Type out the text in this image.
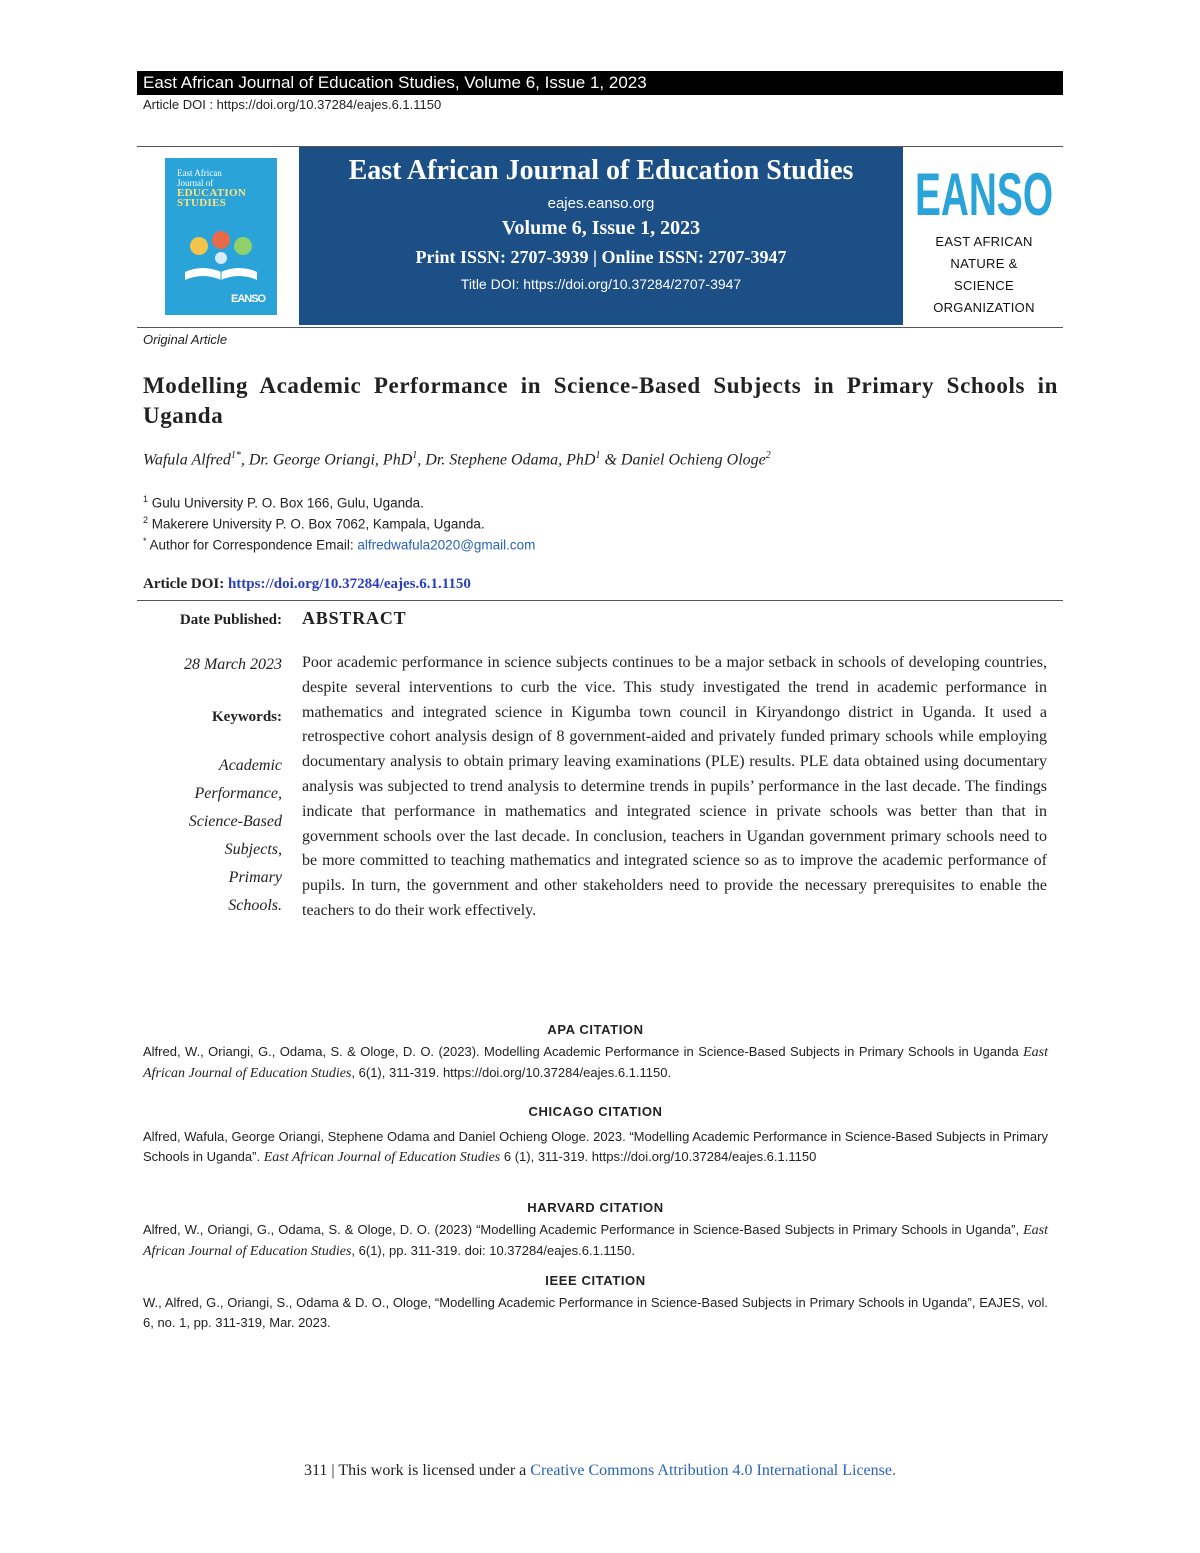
East African Journal of Education Studies, Volume 6, Issue 1, 2023
Article DOI : https://doi.org/10.37284/eajes.6.1.1150
East African
Journal of
EDUCATION
STUDIES
EANSO
East African Journal of Education Studies
eajes.eanso.org
Volume 6, Issue 1, 2023
Print ISSN: 2707-3939 | Online ISSN: 2707-3947
Title DOI: https://doi.org/10.37284/2707-3947
EANSO
EAST AFRICAN
NATURE &
SCIENCE
ORGANIZATION
Original Article
Modelling Academic Performance in Science-Based Subjects in Primary Schools in Uganda
Wafula Alfred$^{1*}$, Dr. George Oriangi, PhD$^1$, Dr. Stephene Odama, PhD$^1$ & Daniel Ochieng Ologe$^2$
$^1$ Gulu University P. O. Box 166, Gulu, Uganda.
$^2$ Makerere University P. O. Box 7062, Kampala, Uganda.
* Author for Correspondence Email: alfredwafula2020@gmail.com
Article DOI: https://doi.org/10.37284/eajes.6.1.1150
Date Published:
28 March 2023
Keywords:
Academic
Performance,
Science-Based
Subjects,
Primary
Schools.
ABSTRACT
Poor academic performance in science subjects continues to be a major setback in schools of developing countries, despite several interventions to curb the vice. This study investigated the trend in academic performance in mathematics and integrated science in Kigumba town council in Kiryandongo district in Uganda. It used a retrospective cohort analysis design of 8 government-aided and privately funded primary schools while employing documentary analysis to obtain primary leaving examinations (PLE) results. PLE data obtained using documentary analysis was subjected to trend analysis to determine trends in pupils’ performance in the last decade. The findings indicate that performance in mathematics and integrated science in private schools was better than that in government schools over the last decade. In conclusion, teachers in Ugandan government primary schools need to be more committed to teaching mathematics and integrated science so as to improve the academic performance of pupils. In turn, the government and other stakeholders need to provide the necessary prerequisites to enable the teachers to do their work effectively.
APA CITATION
Alfred, W., Oriangi, G., Odama, S. & Ologe, D. O. (2023). Modelling Academic Performance in Science-Based Subjects in Primary Schools in Uganda East African Journal of Education Studies, 6(1), 311-319. https://doi.org/10.37284/eajes.6.1.1150.
CHICAGO CITATION
Alfred, Wafula, George Oriangi, Stephene Odama and Daniel Ochieng Ologe. 2023. “Modelling Academic Performance in Science-Based Subjects in Primary Schools in Uganda”. East African Journal of Education Studies 6 (1), 311-319. https://doi.org/10.37284/eajes.6.1.1150
HARVARD CITATION
Alfred, W., Oriangi, G., Odama, S. & Ologe, D. O. (2023) “Modelling Academic Performance in Science-Based Subjects in Primary Schools in Uganda”, East African Journal of Education Studies, 6(1), pp. 311-319. doi: 10.37284/eajes.6.1.1150.
IEEE CITATION
W., Alfred, G., Oriangi, S., Odama & D. O., Ologe, “Modelling Academic Performance in Science-Based Subjects in Primary Schools in Uganda”, EAJES, vol. 6, no. 1, pp. 311-319, Mar. 2023.
311 | This work is licensed under a Creative Commons Attribution 4.0 International License.
